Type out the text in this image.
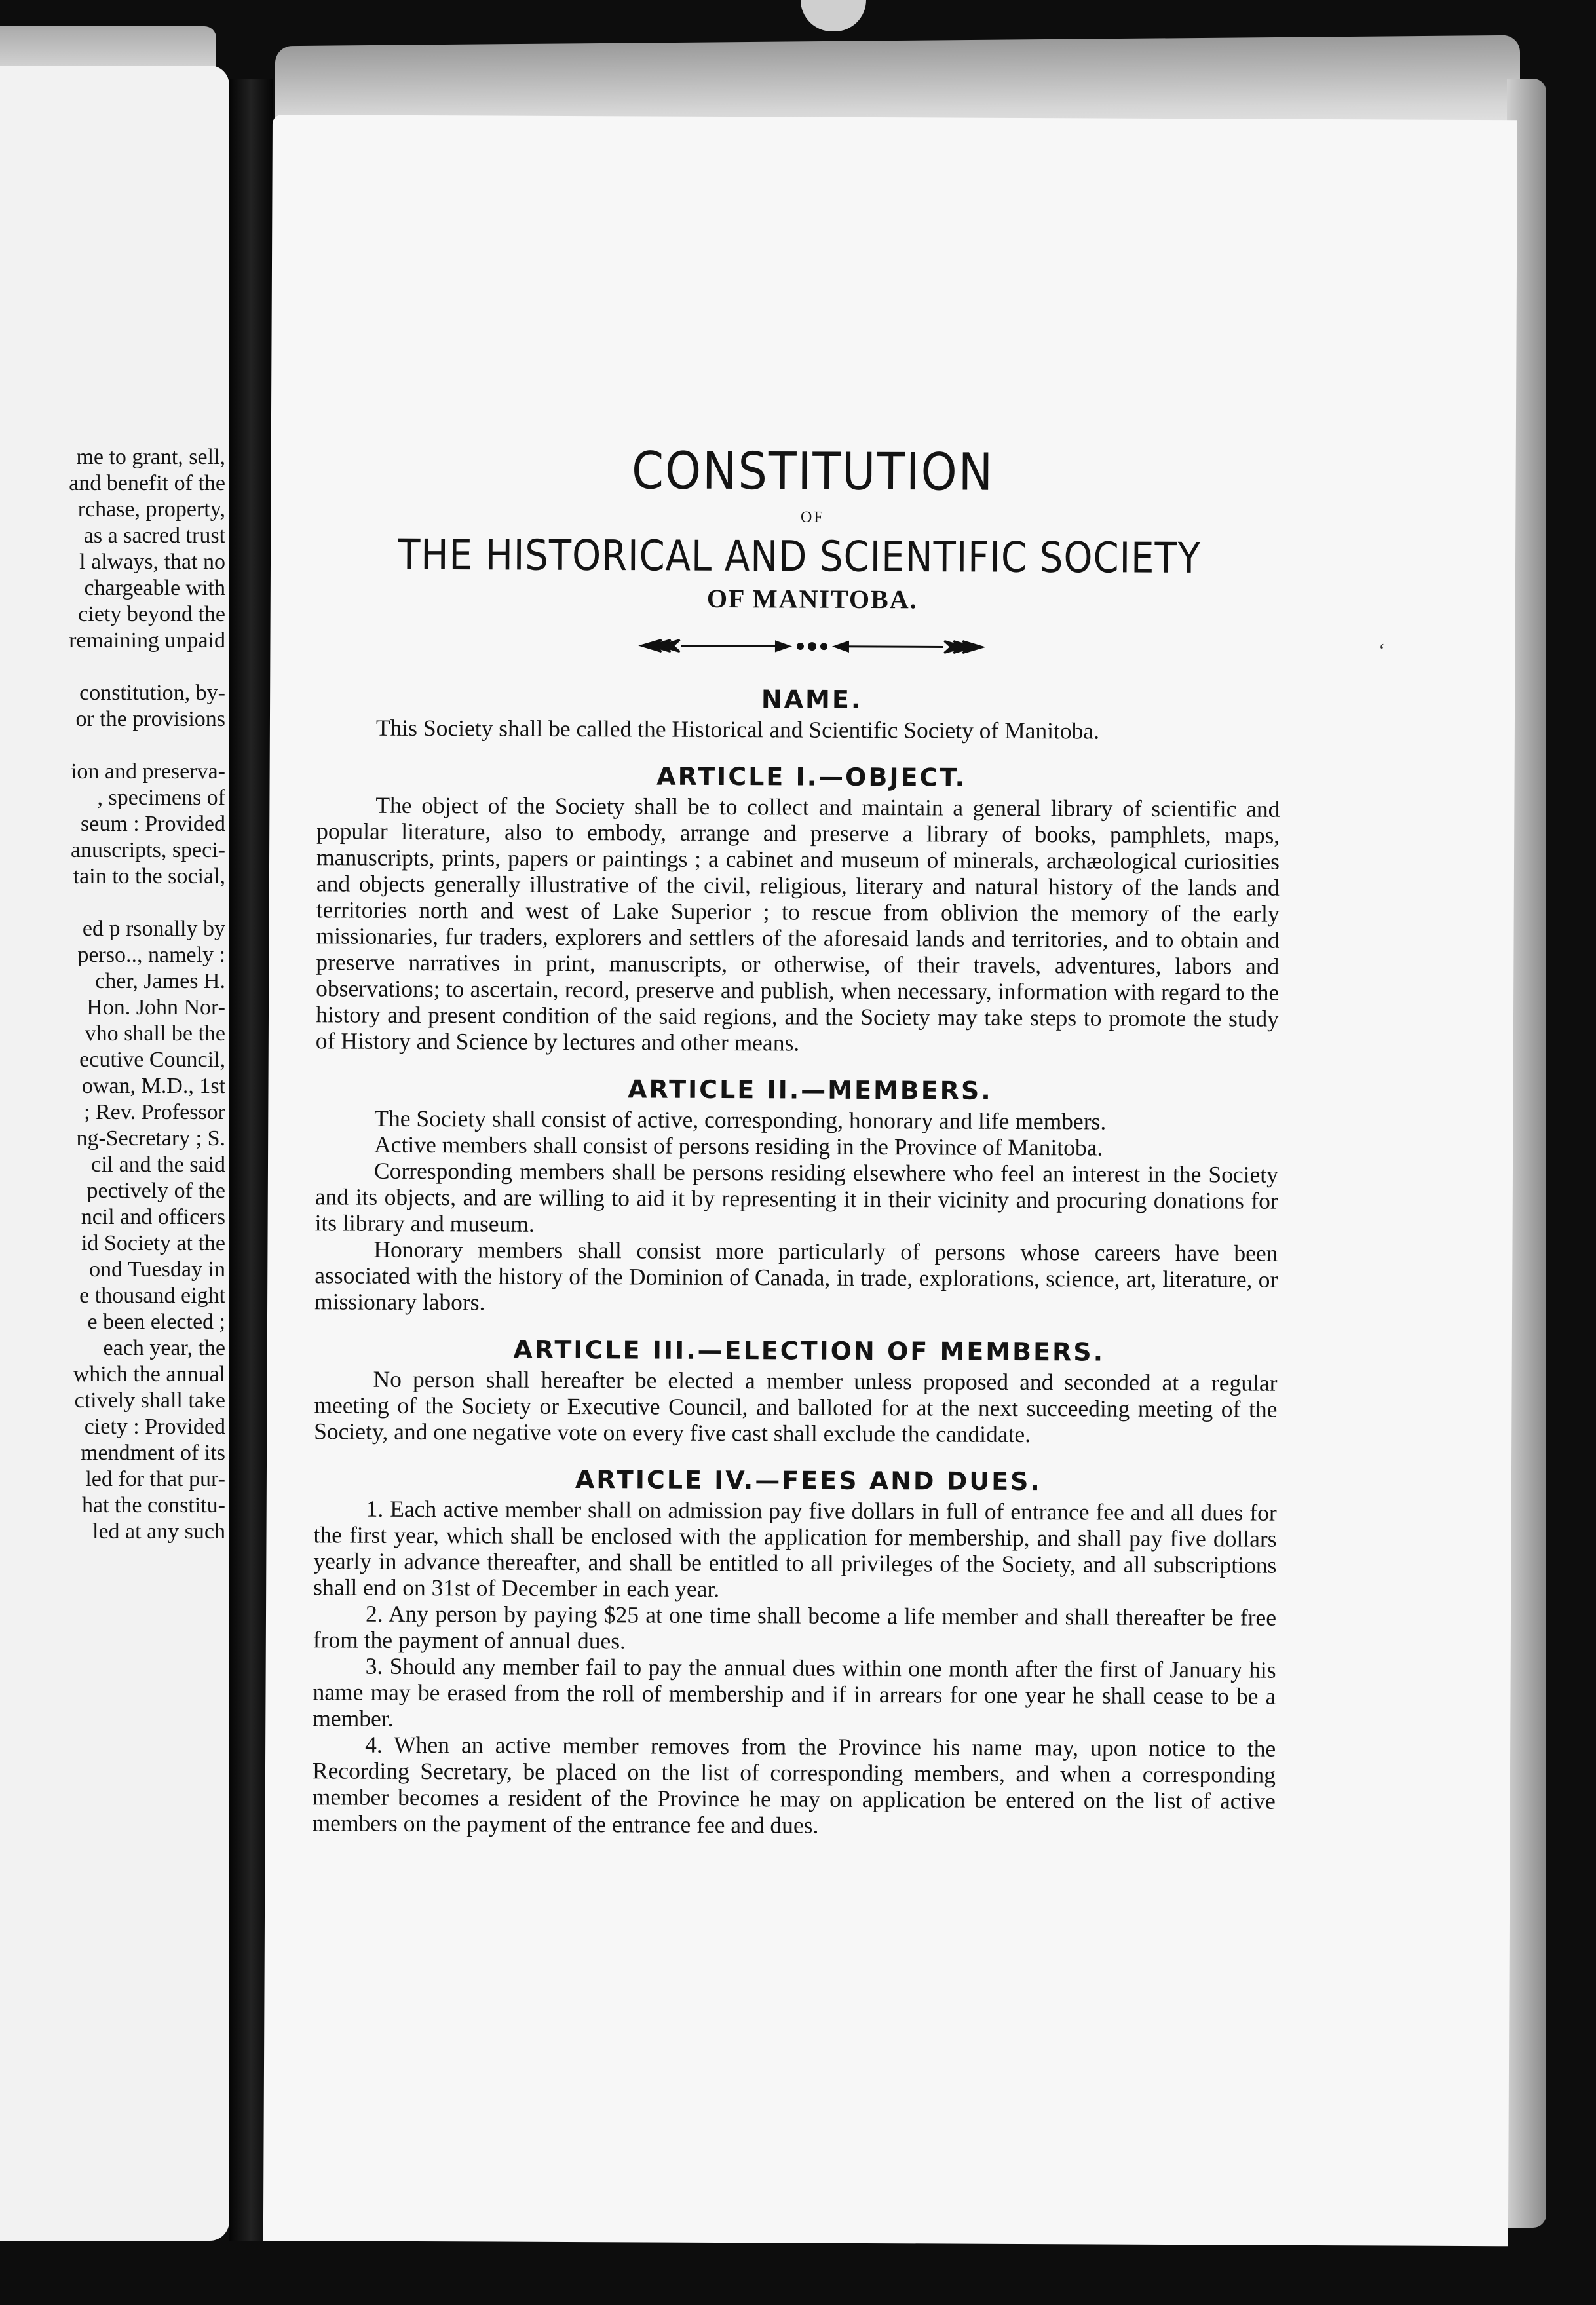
me to grant, sell,
and benefit of the
rchase, property,
as a sacred trust
l always, that no
chargeable with
ciety beyond the
remaining unpaid
constitution, by-
or the provisions
ion and preserva-
, specimens of
seum : Provided
anuscripts, speci-
tain to the social,
ed p rsonally by
perso.., namely :
cher, James H.
Hon. John Nor-
vho shall be the
ecutive Council,
owan, M.D., 1st
; Rev. Professor
ng-Secretary ; S.
cil and the said
pectively of the
ncil and officers
id Society at the
ond Tuesday in
e thousand eight
e been elected ;
each year, the
which the annual
ctively shall take
ciety : Provided
mendment of its
led for that pur-
hat the constitu-
led at any such
CONSTITUTION
OF
THE HISTORICAL AND SCIENTIFIC SOCIETY
OF MANITOBA.
NAME.

This Society shall be called the Historical and Scientific Society of Manitoba.

ARTICLE I.—OBJECT.

The object of the Society shall be to collect and maintain a general library of scientific and popular literature, also to embody, arrange and preserve a library of books, pamphlets, maps, manuscripts, prints, papers or paintings ; a cabinet and museum of minerals, archæological curiosities and objects generally illustrative of the civil, religious, literary and natural history of the lands and territories north and west of Lake Superior ; to rescue from oblivion the memory of the early missionaries, fur traders, explorers and settlers of the aforesaid lands and territories, and to obtain and preserve narratives in print, manuscripts, or otherwise, of their travels, adventures, labors and observations; to ascertain, record, preserve and publish, when necessary, information with regard to the history and present condition of the said regions, and the Society may take steps to promote the study of History and Science by lectures and other means.

ARTICLE II.—MEMBERS.

The Society shall consist of active, corresponding, honorary and life members.

Active members shall consist of persons residing in the Province of Manitoba.

Corresponding members shall be persons residing elsewhere who feel an interest in the Society and its objects, and are willing to aid it by representing it in their vicinity and procuring donations for its library and museum.

Honorary members shall consist more particularly of persons whose careers have been associated with the history of the Dominion of Canada, in trade, explorations, science, art, literature, or missionary labors.

ARTICLE III.—ELECTION OF MEMBERS.

No person shall hereafter be elected a member unless proposed and seconded at a regular meeting of the Society or Executive Council, and balloted for at the next succeeding meeting of the Society, and one negative vote on every five cast shall exclude the candidate.

ARTICLE IV.—FEES AND DUES.

1. Each active member shall on admission pay five dollars in full of entrance fee and all dues for the first year, which shall be enclosed with the application for membership, and shall pay five dollars yearly in advance thereafter, and shall be entitled to all privileges of the Society, and all subscriptions shall end on 31st of December in each year.

2. Any person by paying $25 at one time shall become a life member and shall thereafter be free from the payment of annual dues.

3. Should any member fail to pay the annual dues within one month after the first of January his name may be erased from the roll of membership and if in arrears for one year he shall cease to be a member.

4. When an active member removes from the Province his name may, upon notice to the Recording Secretary, be placed on the list of corresponding members, and when a corresponding member becomes a resident of the Province he may on application be entered on the list of active members on the payment of the entrance fee and dues.

ʻ
